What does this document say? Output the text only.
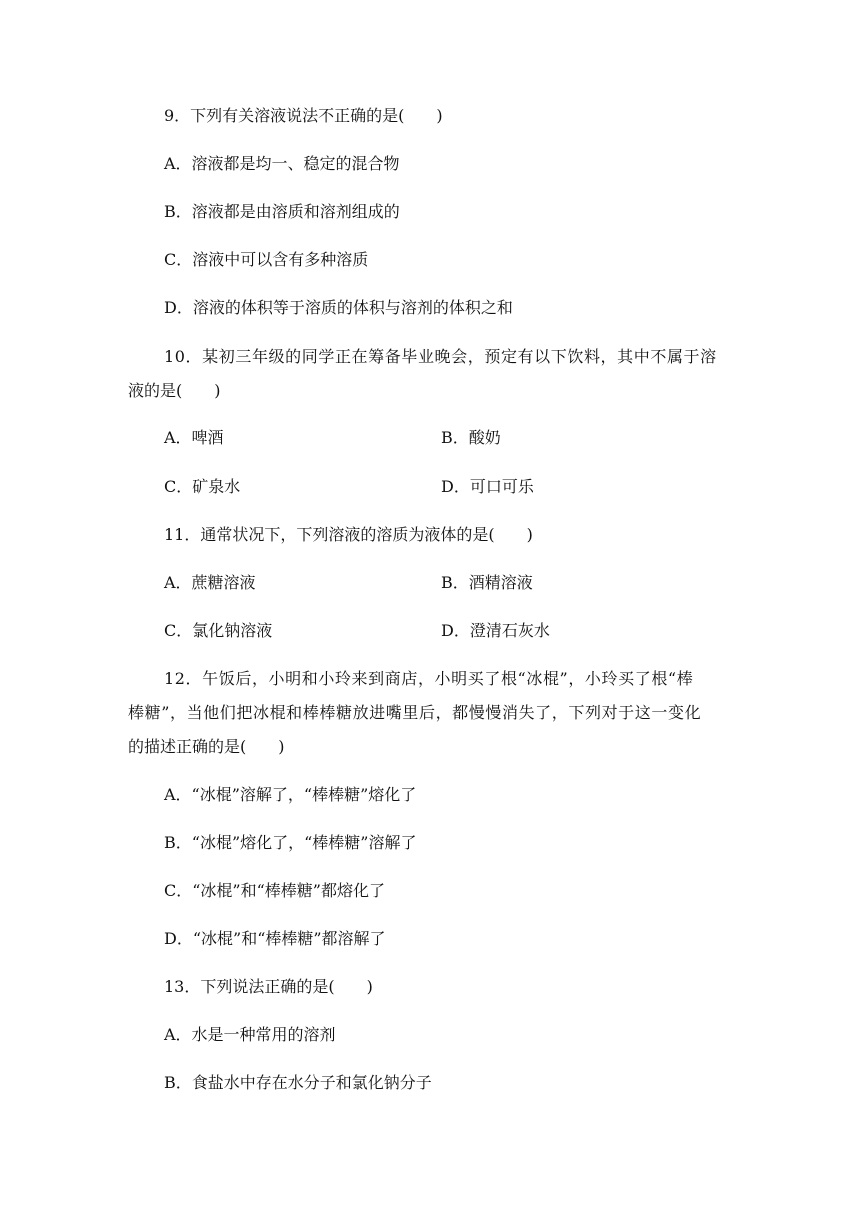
9．下列有关溶液说法不正确的是(　　)
A．溶液都是均一、稳定的混合物
B．溶液都是由溶质和溶剂组成的
C．溶液中可以含有多种溶质
D．溶液的体积等于溶质的体积与溶剂的体积之和
10．某初三年级的同学正在筹备毕业晚会，预定有以下饮料，其中不属于溶
液的是(　　)
A．啤酒	B．酸奶
C．矿泉水	D．可口可乐
11．通常状况下，下列溶液的溶质为液体的是(　　)
A．蔗糖溶液	B．酒精溶液
C．氯化钠溶液	D．澄清石灰水
12．午饭后，小明和小玲来到商店，小明买了根“冰棍”，小玲买了根“棒
棒糖”，当他们把冰棍和棒棒糖放进嘴里后，都慢慢消失了，下列对于这一变化
的描述正确的是(　　)
A．“冰棍”溶解了，“棒棒糖”熔化了
B．“冰棍”熔化了，“棒棒糖”溶解了
C．“冰棍”和“棒棒糖”都熔化了
D．“冰棍”和“棒棒糖”都溶解了
13．下列说法正确的是(　　)
A．水是一种常用的溶剂
B．食盐水中存在水分子和氯化钠分子
